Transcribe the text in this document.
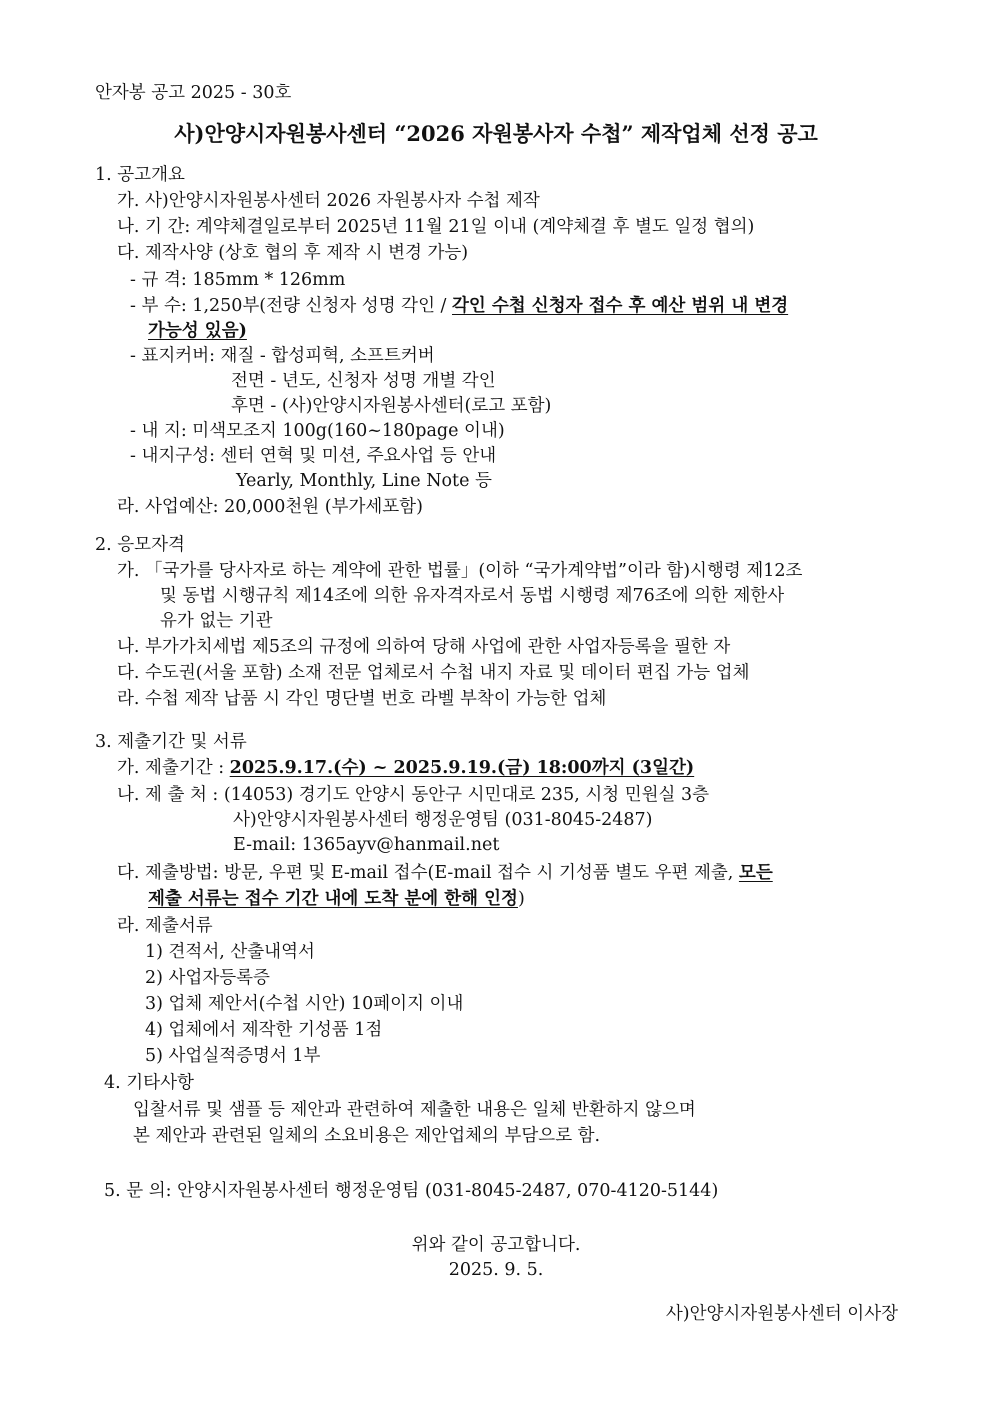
안자봉 공고 2025 - 30호
사)안양시자원봉사센터 “2026 자원봉사자 수첩” 제작업체 선정 공고
1. 공고개요
가. 사)안양시자원봉사센터 2026 자원봉사자 수첩 제작
나. 기 간: 계약체결일로부터 2025년 11월 21일 이내 (계약체결 후 별도 일정 협의)
다. 제작사양 (상호 협의 후 제작 시 변경 가능)
- 규 격: 185mm * 126mm
- 부 수: 1,250부(전량 신청자 성명 각인 / 각인 수첩 신청자 접수 후 예산 범위 내 변경
가능성 있음)
- 표지커버: 재질 - 합성피혁, 소프트커버
전면 - 년도, 신청자 성명 개별 각인
후면 - (사)안양시자원봉사센터(로고 포함)
- 내 지: 미색모조지 100g(160~180page 이내)
- 내지구성: 센터 연혁 및 미션, 주요사업 등 안내
Yearly, Monthly, Line Note 등
라. 사업예산: 20,000천원 (부가세포함)
2. 응모자격
가. 「국가를 당사자로 하는 계약에 관한 법률」(이하 “국가계약법”이라 함)시행령 제12조
및 동법 시행규칙 제14조에 의한 유자격자로서 동법 시행령 제76조에 의한 제한사
유가 없는 기관
나. 부가가치세법 제5조의 규정에 의하여 당해 사업에 관한 사업자등록을 필한 자
다. 수도권(서울 포함) 소재 전문 업체로서 수첩 내지 자료 및 데이터 편집 가능 업체
라. 수첩 제작 납품 시 각인 명단별 번호 라벨 부착이 가능한 업체
3. 제출기간 및 서류
가. 제출기간 : 2025.9.17.(수) ~ 2025.9.19.(금) 18:00까지 (3일간)
나. 제 출 처 : (14053) 경기도 안양시 동안구 시민대로 235, 시청 민원실 3층
사)안양시자원봉사센터 행정운영팀 (031-8045-2487)
E-mail: 1365ayv@hanmail.net
다. 제출방법: 방문, 우편 및 E-mail 접수(E-mail 접수 시 기성품 별도 우편 제출, 모든
제출 서류는 접수 기간 내에 도착 분에 한해 인정)
라. 제출서류
1) 견적서, 산출내역서
2) 사업자등록증
3) 업체 제안서(수첩 시안) 10페이지 이내
4) 업체에서 제작한 기성품 1점
5) 사업실적증명서 1부
4. 기타사항
입찰서류 및 샘플 등 제안과 관련하여 제출한 내용은 일체 반환하지 않으며
본 제안과 관련된 일체의 소요비용은 제안업체의 부담으로 함.
5. 문 의: 안양시자원봉사센터 행정운영팀 (031-8045-2487, 070-4120-5144)
위와 같이 공고합니다.
2025. 9. 5.
사)안양시자원봉사센터 이사장
